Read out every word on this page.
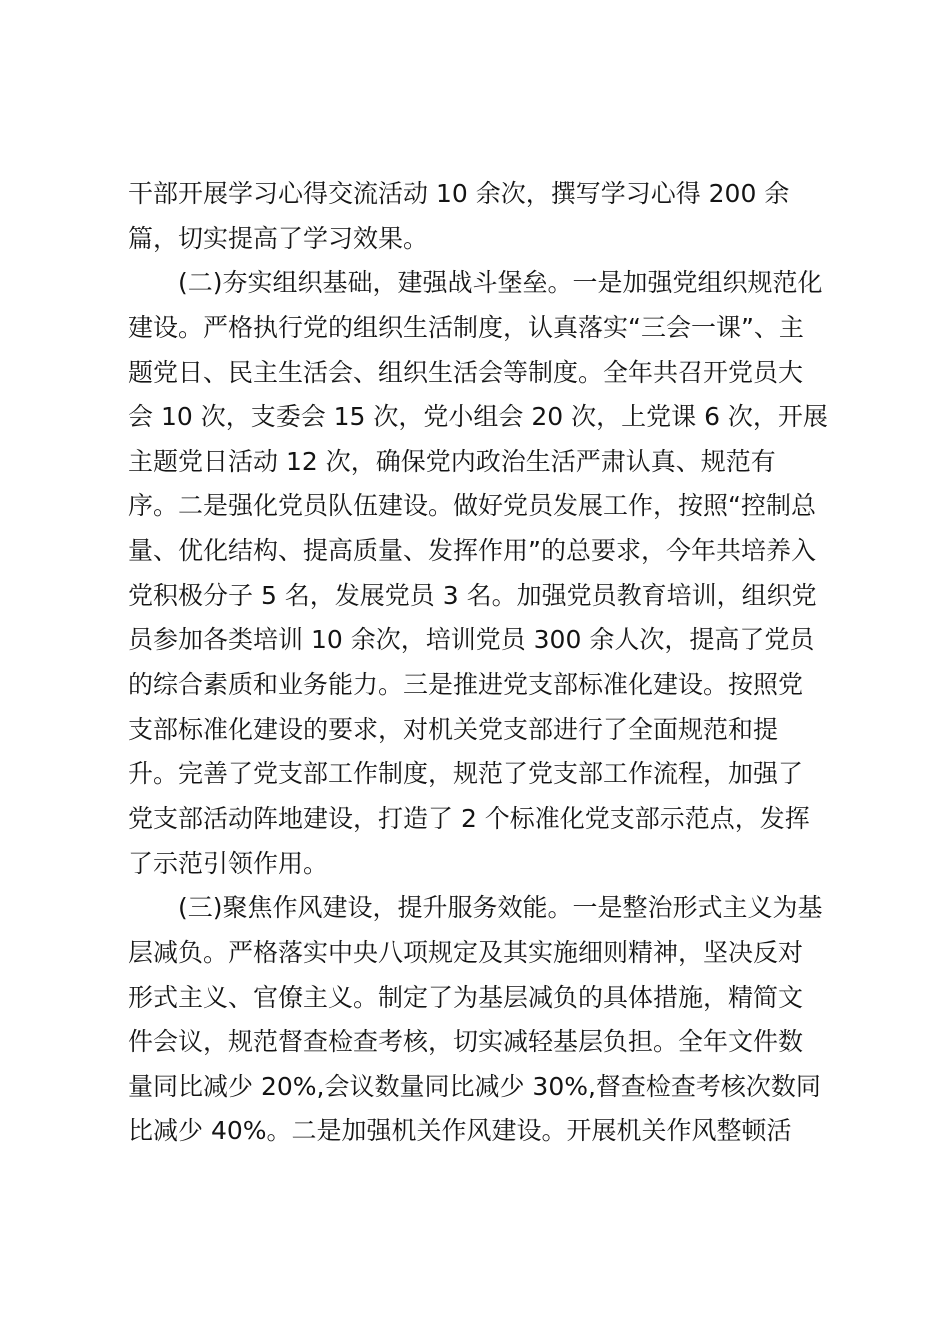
干部开展学习心得交流活动 10 余次，撰写学习心得 200 余
篇，切实提高了学习效果。
(二)夯实组织基础，建强战斗堡垒。一是加强党组织规范化
建设。严格执行党的组织生活制度，认真落实“三会一课”、主
题党日、民主生活会、组织生活会等制度。全年共召开党员大
会 10 次，支委会 15 次，党小组会 20 次，上党课 6 次，开展
主题党日活动 12 次，确保党内政治生活严肃认真、规范有
序。二是强化党员队伍建设。做好党员发展工作，按照“控制总
量、优化结构、提高质量、发挥作用”的总要求，今年共培养入
党积极分子 5 名，发展党员 3 名。加强党员教育培训，组织党
员参加各类培训 10 余次，培训党员 300 余人次，提高了党员
的综合素质和业务能力。三是推进党支部标准化建设。按照党
支部标准化建设的要求，对机关党支部进行了全面规范和提
升。完善了党支部工作制度，规范了党支部工作流程，加强了
党支部活动阵地建设，打造了 2 个标准化党支部示范点，发挥
了示范引领作用。
(三)聚焦作风建设，提升服务效能。一是整治形式主义为基
层减负。严格落实中央八项规定及其实施细则精神，坚决反对
形式主义、官僚主义。制定了为基层减负的具体措施，精简文
件会议，规范督查检查考核，切实减轻基层负担。全年文件数
量同比减少 20%,会议数量同比减少 30%,督查检查考核次数同
比减少 40%。二是加强机关作风建设。开展机关作风整顿活
